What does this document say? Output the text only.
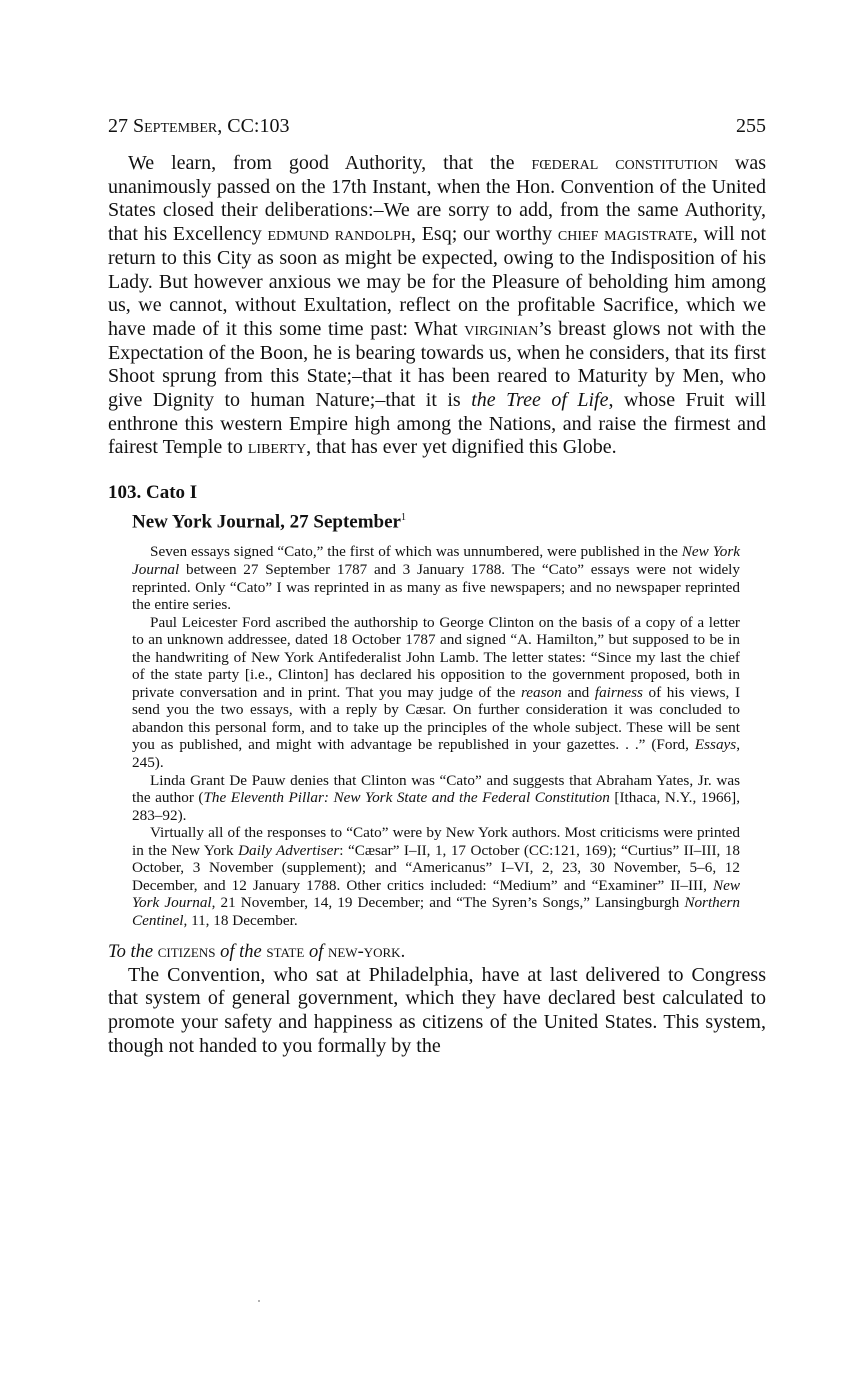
27 September, CC:103	255

We learn, from good Authority, that the fœderal constitution was unanimously passed on the 17th Instant, when the Hon. Convention of the United States closed their deliberations:–We are sorry to add, from the same Authority, that his Excellency edmund randolph, Esq; our worthy chief magistrate, will not return to this City as soon as might be expected, owing to the Indisposition of his Lady. But however anxious we may be for the Pleasure of beholding him among us, we cannot, without Exultation, reflect on the profitable Sacrifice, which we have made of it this some time past: What virginian’s breast glows not with the Expectation of the Boon, he is bearing towards us, when he considers, that its first Shoot sprung from this State;–that it has been reared to Maturity by Men, who give Dignity to human Nature;–that it is the Tree of Life, whose Fruit will enthrone this western Empire high among the Nations, and raise the firmest and fairest Temple to liberty, that has ever yet dignified this Globe.

103. Cato I
New York Journal, 27 September$^1$

Seven essays signed “Cato,” the first of which was unnumbered, were published in the New York Journal between 27 September 1787 and 3 January 1788. The “Cato” essays were not widely reprinted. Only “Cato” I was reprinted in as many as five newspapers; and no newspaper reprinted the entire series.

Paul Leicester Ford ascribed the authorship to George Clinton on the basis of a copy of a letter to an unknown addressee, dated 18 October 1787 and signed “A. Hamilton,” but supposed to be in the handwriting of New York Antifederalist John Lamb. The letter states: “Since my last the chief of the state party [i.e., Clinton] has declared his opposition to the government proposed, both in private conversation and in print. That you may judge of the reason and fairness of his views, I send you the two essays, with a reply by Cæsar. On further consideration it was concluded to abandon this personal form, and to take up the principles of the whole subject. These will be sent you as published, and might with advantage be republished in your gazettes. . .” (Ford, Essays, 245).

Linda Grant De Pauw denies that Clinton was “Cato” and suggests that Abraham Yates, Jr. was the author (The Eleventh Pillar: New York State and the Federal Constitution [Ithaca, N.Y., 1966], 283–92).

Virtually all of the responses to “Cato” were by New York authors. Most criticisms were printed in the New York Daily Advertiser: “Cæsar” I–II, 1, 17 October (CC:121, 169); “Curtius” II–III, 18 October, 3 November (supplement); and “Americanus” I–VI, 2, 23, 30 November, 5–6, 12 December, and 12 January 1788. Other critics included: “Medium” and “Examiner” II–III, New York Journal, 21 November, 14, 19 December; and “The Syren’s Songs,” Lansingburgh Northern Centinel, 11, 18 December.

To the citizens of the state of new-york.

The Convention, who sat at Philadelphia, have at last delivered to Congress that system of general government, which they have declared best calculated to promote your safety and happiness as citizens of the United States. This system, though not handed to you formally by the
